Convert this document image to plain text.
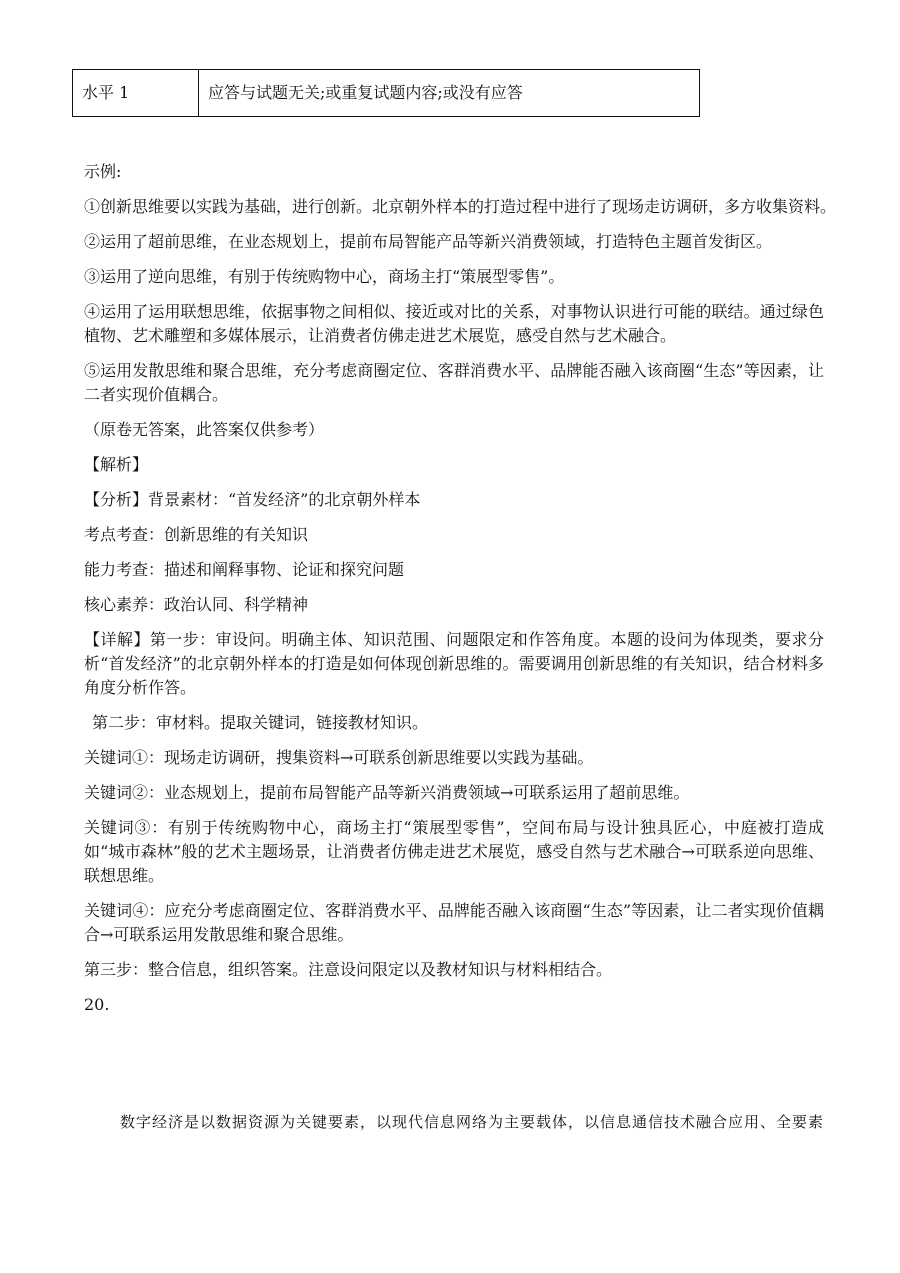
水平 1	应答与试题无关;或重复试题内容;或没有应答
示例:
①创新思维要以实践为基础，进行创新。北京朝外样本的打造过程中进行了现场走访调研，多方收集资料。
②运用了超前思维，在业态规划上，提前布局智能产品等新兴消费领域，打造特色主题首发街区。
③运用了逆向思维，有别于传统购物中心，商场主打“策展型零售”。
④运用了运用联想思维，依据事物之间相似、接近或对比的关系，对事物认识进行可能的联结。通过绿色植物、艺术雕塑和多媒体展示，让消费者仿佛走进艺术展览，感受自然与艺术融合。
⑤运用发散思维和聚合思维，充分考虑商圈定位、客群消费水平、品牌能否融入该商圈“生态”等因素，让二者实现价值耦合。
（原卷无答案，此答案仅供参考）
【解析】
【分析】背景素材：“首发经济”的北京朝外样本
考点考查：创新思维的有关知识
能力考查：描述和阐释事物、论证和探究问题
核心素养：政治认同、科学精神
【详解】第一步：审设问。明确主体、知识范围、问题限定和作答角度。本题的设问为体现类，要求分析“首发经济”的北京朝外样本的打造是如何体现创新思维的。需要调用创新思维的有关知识，结合材料多角度分析作答。
第二步：审材料。提取关键词，链接教材知识。
关键词①：现场走访调研，搜集资料→可联系创新思维要以实践为基础。
关键词②：业态规划上，提前布局智能产品等新兴消费领域→可联系运用了超前思维。
关键词③：有别于传统购物中心，商场主打“策展型零售”，空间布局与设计独具匠心，中庭被打造成如“城市森林”般的艺术主题场景，让消费者仿佛走进艺术展览，感受自然与艺术融合→可联系逆向思维、联想思维。
关键词④：应充分考虑商圈定位、客群消费水平、品牌能否融入该商圈“生态”等因素，让二者实现价值耦合→可联系运用发散思维和聚合思维。
第三步：整合信息，组织答案。注意设问限定以及教材知识与材料相结合。
20.
数字经济是以数据资源为关键要素，以现代信息网络为主要载体，以信息通信技术融合应用、全要素
